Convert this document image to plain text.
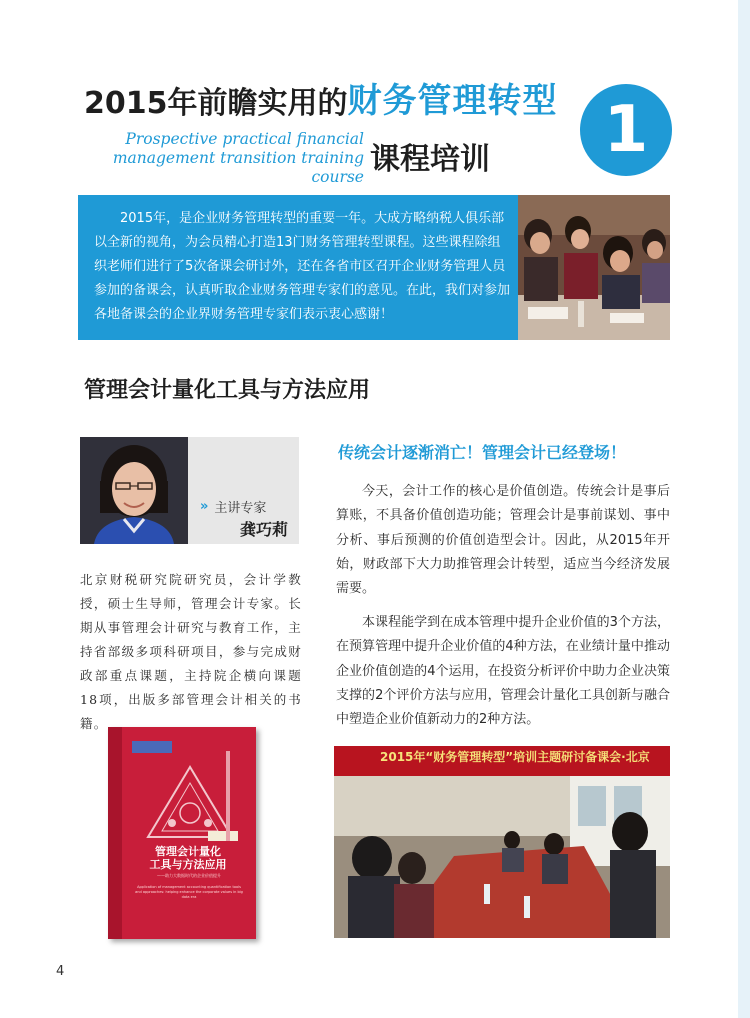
2015年前瞻实用的 财务管理转型
Prospective practical financial management transition training course 课程培训	1
2015年，是企业财务管理转型的重要一年。大成方略纳税人俱乐部以全新的视角，为会员精心打造13门财务管理转型课程。这些课程除组织老师们进行了5次备课会研讨外，还在各省市区召开企业财务管理人员参加的备课会，认真听取企业财务管理专家们的意见。在此，我们对参加各地备课会的企业界财务管理专家们表示衷心感谢！
管理会计量化工具与方法应用
» 主讲专家
龚巧莉
北京财税研究院研究员，会计学教授，硕士生导师，管理会计专家。长期从事管理会计研究与教育工作，主持省部级多项科研项目，参与完成财政部重点课题，主持院企横向课题18项，出版多部管理会计相关的书籍。
管理会计量化
工具与方法应用
——助力大数据时代的企业价值提升
Application of management accounting quantification tools and approaches: helping enhance the corporate values in big data era
传统会计逐渐消亡！管理会计已经登场！

今天，会计工作的核心是价值创造。传统会计是事后算账，不具备价值创造功能；管理会计是事前谋划、事中分析、事后预测的价值创造型会计。因此，从2015年开始，财政部下大力助推管理会计转型，适应当今经济发展需要。

本课程能学到在成本管理中提升企业价值的3个方法，在预算管理中提升企业价值的4种方法，在业绩计量中推动企业价值创造的4个运用，在投资分析评价中助力企业决策支撑的2个评价方法与应用，管理会计量化工具创新与融合中塑造企业价值新动力的2种方法。

2015年“财务管理转型”培训主题研讨备课会·北京
4
